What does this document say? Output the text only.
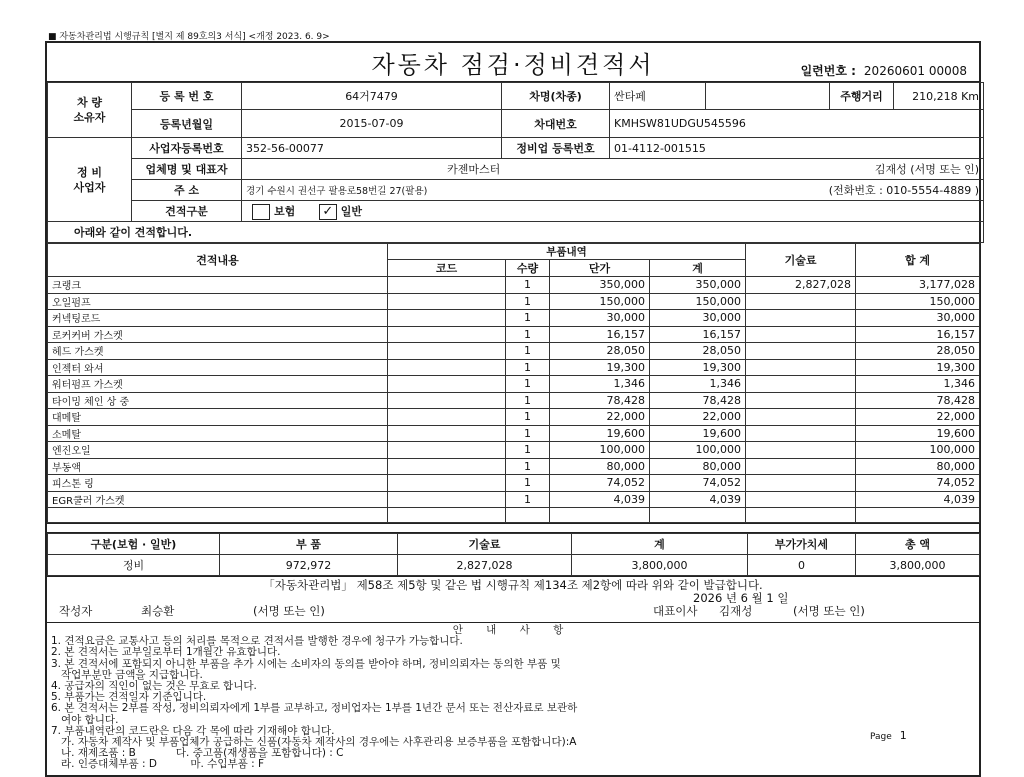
■ 자동차관리법 시행규칙 [별지 제 89호의3 서식] <개정 2023. 6. 9>
자동차 점검·정비견적서	일련번호 : 20260601 00008
차 량
소유자	등 록 번 호	64거7479	차명(차종)	싼타페		주행거리	210,218 Km
	등록년월일	2015-07-09	차대번호	KMHSW81UDGU545596			
정 비
사업자	사업자등록번호	352-56-00077	정비업 등록번호	01-4112-001515			
	업체명 및 대표자	카젠마스터			김재성 (서명 또는 인)		
	주 소	경기 수원시 권선구 팔용로58번길 27(팔용)			(전화번호 : 010-5554-4889 )		
	견적구분	보험 ✓ 일반					
아래와 같이 견적합니다.							
견적내용	부품내역				기술료	합 계
	코드	수량	단가	계		
크랭크		1	350,000	350,000	2,827,028	3,177,028
오일펌프		1	150,000	150,000		150,000
커넥팅로드		1	30,000	30,000		30,000
로커커버 가스켓		1	16,157	16,157		16,157
헤드 가스켓		1	28,050	28,050		28,050
인젝터 와셔		1	19,300	19,300		19,300
워터펌프 가스켓		1	1,346	1,346		1,346
타이밍 체인 상 중		1	78,428	78,428		78,428
대메탈		1	22,000	22,000		22,000
소메탈		1	19,600	19,600		19,600
엔진오일		1	100,000	100,000		100,000
부동액		1	80,000	80,000		80,000
피스톤 링		1	74,052	74,052		74,052
EGR쿨러 가스켓		1	4,039	4,039		4,039

구분(보험 · 일반)	부 품	기술료	계	부가가치세	총 액
정비	972,972	2,827,028	3,800,000	0	3,800,000
「자동차관리법」 제58조 제5항 및 같은 법 시행규칙 제134조 제2항에 따라 위와 같이 발급합니다.
2026 년 6 월 1 일
작성자	최승환	(서명 또는 인)	대표이사 김재성	(서명 또는 인)
안 내 사 항
1. 견적요금은 교통사고 등의 처리를 목적으로 견적서를 발행한 경우에 청구가 가능합니다.
2. 본 견적서는 교부일로부터 1개월간 유효합니다.
3. 본 견적서에 포함되지 아니한 부품을 추가 시에는 소비자의 동의를 받아야 하며, 정비의뢰자는 동의한 부품 및
작업부분만 금액을 지급합니다.
4. 공급자의 직인이 없는 것은 무효로 합니다.
5. 부품가는 견적일자 기준입니다.
6. 본 견적서는 2부를 작성, 정비의뢰자에게 1부를 교부하고, 정비업자는 1부를 1년간 문서 또는 전산자료로 보관하
여야 합니다.
7. 부품내역란의 코드란은 다음 각 목에 따라 기재해야 합니다.
가. 자동차 제작사 및 부품업체가 공급하는 신품(자동차 제작사의 경우에는 사후관리용 보증부품을 포함합니다):A
나. 재제조품 : B            다. 중고품(재생품을 포함합니다) : C
라. 인증대체부품 : D          마. 수입부품 : F
Page 1
